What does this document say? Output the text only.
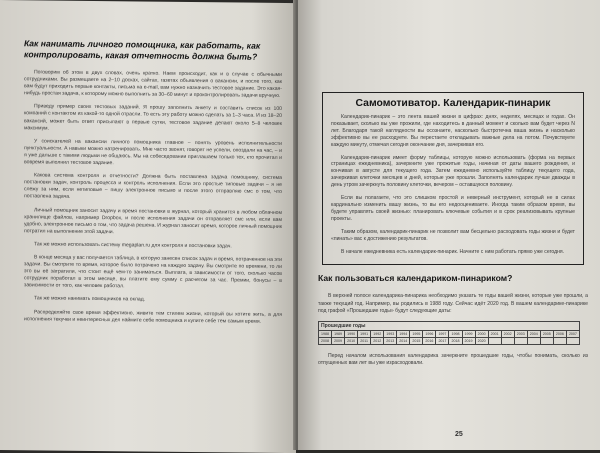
Как нанимать личного помощника, как работать, как контролировать, какая отчетность должна быть?

Поговорим об этом в двух словах, очень кратко. Наем происходит, как и в случае с обычными сотрудниками. Вы размещаете на 2–10 досках, сайтах, газетах объявления о вакансии, и после того, как вам будут приходить первые контакты, письма на e-mail, вам нужно назначить тестовое задание. Это какая-нибудь простая задача, к которому можно выполнить за 30–60 минут и проконтролировать задачи вручную.

Приведу пример своих тестовых заданий. Я прошу заполнить анкету и составить список из 100 компаний с контактом из какой-то одной отрасли. То есть эту работу можно сделать за 1–3 часа. И из 18–20 вакансий, может быть ответ присылают в первые сутки, тестовое задание делают около 5–8 человек максимум.

У соискателей на вакансии личного помощника главное – понять уровень исполнительности пунктуальности. А навыки можно натренировать. Мне часто звонят, говорят не успели, опоздали на час, – и я уже дальше с такими людьми не общаюсь. Мы на собеседовании приглашаем только тех, кто прочитал и вовремя выполнил тестовое задание.

Какова система контроля и отчетности? Должна быть поставлена задача помощнику, система постановки задач, контроль процесса и контроль исполнения. Если это простые типовые задачи – я не слежу за ним, если нетиповые – пишу электронное письмо и после этого отправляю смс о том, что поставлена задача.

Личный помощник заносит задачу и время постановки в журнал, который хранится в любом облачном хранилище файлов, например Dropbox, и после исполнения задачи он отправляет смс или, если вам удобно, электронное письмо о том, что задача решена. И журнал заносит время, которое личный помощник потратил на выполнение этой задачи.

Так же можно использовать систему megaplan.ru для контроля и постановки задач.

В конце месяца у вас получается таблица, в которую занесен список задач и время, потраченное на эти задачи. Вы смотрите то время, которое было потрачено на каждую задачу. Вы смотрите по времени, то ли это вы её затратили, что стоит ещё чем-то заниматься. Выплата, в зависимости от того, сколько часов сотрудник поработал в этом месяце, вы платите ему сумму с расчетом за час. Премии, бонусы – в зависимости от того, как человек работал.

Так же можно нанимать помощников на оклад.

Распределяйте свое время эффективно, живите тем стилем жизни, который вы хотите жить, а для исполнения текучки и неинтересных дел наймите себе помощника и купите себе тем самым время.

Самомотиватор. Календарик-пинарик

Календарик-пинарик – это лента вашей жизни в цифрах: днях, неделях, месяцах и годах. Он показывает, сколько вы уже прожили, где находитесь в данный момент и сколько вам будет через N лет. Благодаря такой наглядности вы осознаете, насколько быстротечна ваша жизнь и насколько эффективно вы ее расходуете. Вы перестаете откладывать важные дела на потом. Почувствуете каждую минуту, отмечая сегодня окончание дня, зачеркивая его.

Календарик-пинарик имеет форму таблицы, которую можно использовать (форма на первых страницах ежедневника), зачеркните уже прожитые годы, начиная от даты вашего рождения, и кончивая в августе для текущего года. Затем ежедневно используйте таблицу текущего года, зачеркивая клеточки месяцев и дней, которые уже прошли. Заполнять календарик лучше дважды в день утром зачеркнуть половину клеточки, вечером – оставшуюся половину.

Если вы полагаете, что это слишком простой и неверный инструмент, который не в силах кардинально изменить вашу жизнь, то вы его недооцениваете. Иногда таким образом время, вы будете управлять своей жизнью: планировать ключевые события и в срок реализовывать крупные проекты.

Таким образом, календарик-пинарик не позволит вам бесцельно расходовать годы жизни и будет «пинать» вас к достижению результатов.

В начале ежедневника есть календарик-пинарик. Начните с ним работать прямо уже сегодня.

Как пользоваться календариком-пинариком?

В верхней полосе календарика-пинарика необходимо указать те годы вашей жизни, которые уже прошли, а также текущий год. Например, вы родились в 1988 году. Сейчас идёт 2020 год. В вашем календарике-пинарике под графой «Прошедшие годы» будут следующие даты:

Прошедшие годы																			
1988	1989	1990	1991	1992	1993	1994	1995	1996	1997	1998	1999	2000	2001	2002	2003	2004	2005	2006	2007
2008	2009	2010	2011	2012	2013	2014	2015	2016	2017	2018	2019	2020							

Перед началом использования календарика зачеркните прошедшие годы, чтобы понимать, сколько из отпущенных вам лет вы уже израсходовали.

25
